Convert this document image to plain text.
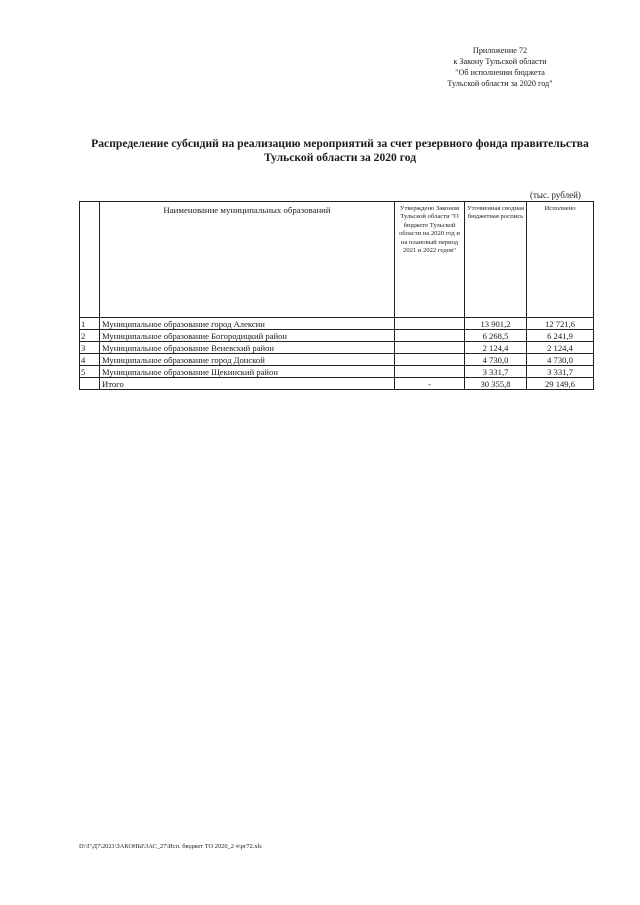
Приложение 72
к Закону Тульской области
"Об исполнении бюджета
Тульской области за 2020 год"
Распределение субсидий на реализацию мероприятий за счет резервного фонда правительства
Тульской области за 2020 год
(тыс. рублей)
	Наименование муниципальных образований	Утверждено Законом Тульской области "О бюджете Тульской области на 2020 год и на плановый период 2021 и 2022 годов"	Уточненная сводная бюджетная роспись	Исполнено
1	Муниципальное образование город Алексин		13 901,2	12 721,6
2	Муниципальное образование Богородицкий район		6 268,5	6 241,9
3	Муниципальное образование Веневский район		2 124,4	2 124,4
4	Муниципальное образование город Донской		4 730,0	4 730,0
5	Муниципальное образование Щекинский район		3 331,7	3 331,7
	Итого	-	30 355,8	29 149,6
D:\Г\Д7\2021\ЗАКОНЫ\ЗАС_27\Исп. бюджет ТО 2020_2 ч\рг72.xls
